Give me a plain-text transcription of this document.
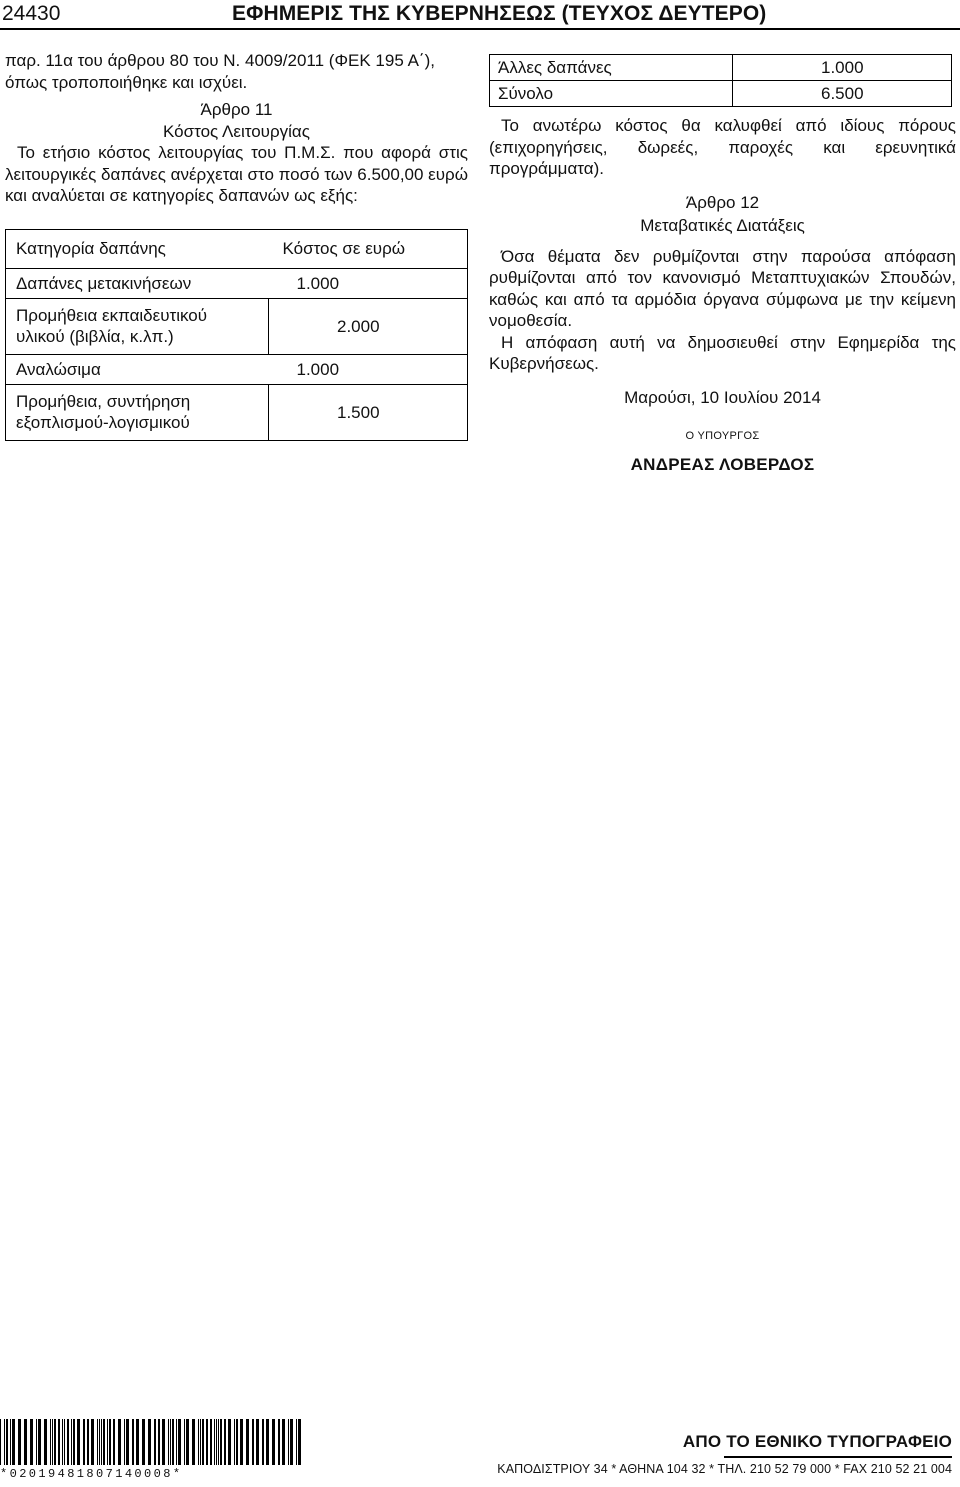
24430	ΕΦΗΜΕΡΙΣ ΤΗΣ ΚΥΒΕΡΝΗΣΕΩΣ (ΤΕΥΧΟΣ ΔΕΥΤΕΡΟ)
παρ. 11α του άρθρου 80 του Ν. 4009/2011 (ΦΕΚ 195 Α΄),
όπως τροποποιήθηκε και ισχύει.
Άρθρο 11
Κόστος Λειτουργίας
Το ετήσιο κόστος λειτουργίας του Π.Μ.Σ. που αφορά στις λειτουργικές δαπάνες ανέρχεται στο ποσό των 6.500,00 ευρώ και αναλύεται σε κατηγορίες δαπανών ως εξής:
Κατηγορία δαπάνης	Κόστος σε ευρώ
Δαπάνες μετακινήσεων	1.000
Προμήθεια εκπαιδευτικού υλικού (βιβλία, κ.λπ.)	2.000
Αναλώσιμα	1.000
Προμήθεια, συντήρηση εξοπλισμού-λογισμικού	1.500
Άλλες δαπάνες	1.000
Σύνολο	6.500
Το ανωτέρω κόστος θα καλυφθεί από ιδίους πόρους (επιχορηγήσεις, δωρεές, παροχές και ερευνητικά προγράμματα).
Άρθρο 12
Μεταβατικές Διατάξεις
Όσα θέματα δεν ρυθμίζονται στην παρούσα απόφαση ρυθμίζονται από τον κανονισμό Μεταπτυχιακών Σπουδών, καθώς και από τα αρμόδια όργανα σύμφωνα με την κείμενη νομοθεσία.
Η απόφαση αυτή να δημοσιευθεί στην Εφημερίδα της Κυβερνήσεως.
Μαρούσι, 10 Ιουλίου 2014
Ο ΥΠΟΥΡΓΟΣ
ΑΝΔΡΕΑΣ ΛΟΒΕΡΔΟΣ
*02019481807140008*
ΑΠΟ ΤΟ ΕΘΝΙΚΟ ΤΥΠΟΓΡΑΦΕΙΟ
ΚΑΠΟΔΙΣΤΡΙΟΥ 34 * ΑΘΗΝΑ 104 32 * ΤΗΛ. 210 52 79 000 * FAX 210 52 21 004
